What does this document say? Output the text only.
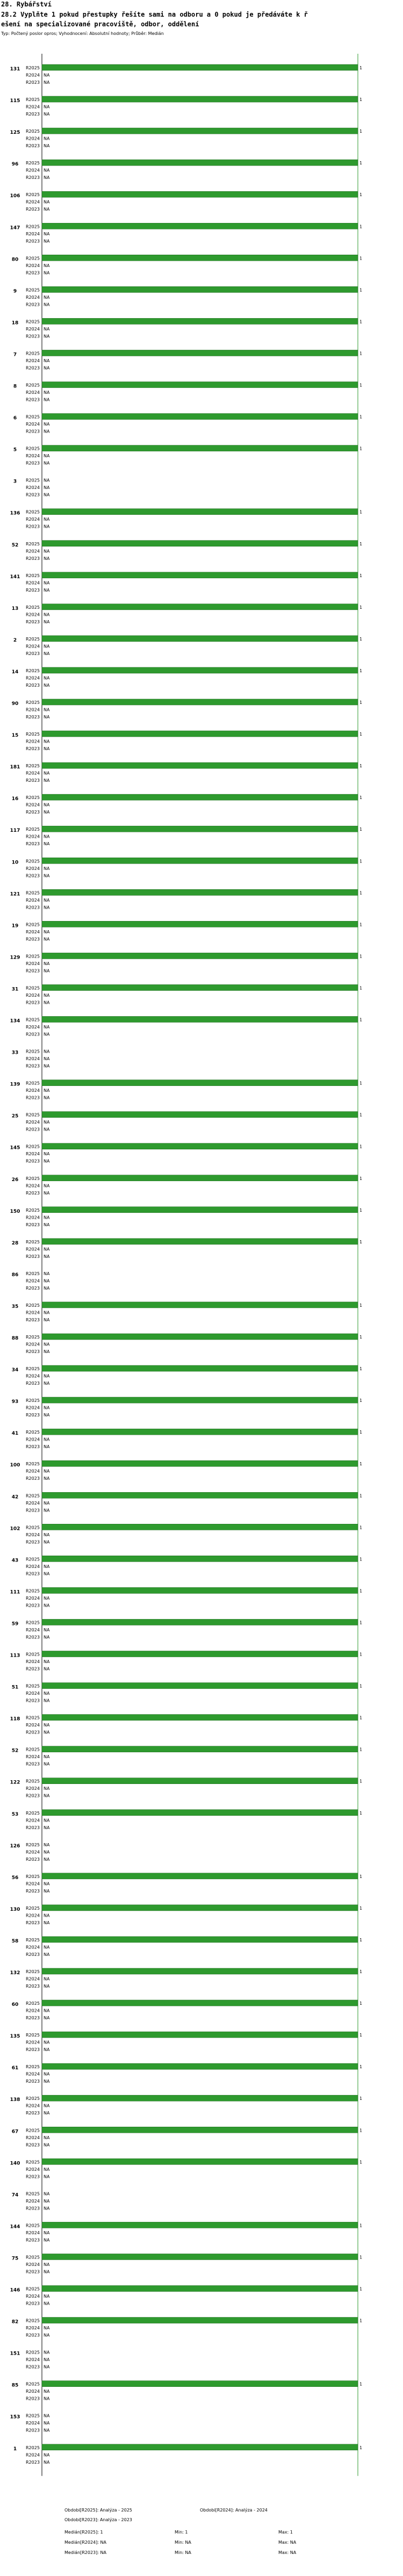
28. Rybářství
28.2 Vyplňte 1 pokud přestupky řešíte sami na odboru a 0 pokud je předáváte k ř
ešení na specializované pracoviště, odbor, oddělení
Typ: Počtený poslor opros; Vyhodnocení: Absolutní hodnoty; Průběr: Medián
131 R2025	1
R2024 NA
R2023 NA
115 R2025	1
R2024 NA
R2023 NA
125 R2025	1
R2024 NA
R2023 NA
96 R2025	1
R2024 NA
R2023 NA
106 R2025	1
R2024 NA
R2023 NA
147 R2025	1
R2024 NA
R2023 NA
80 R2025	1
R2024 NA
R2023 NA
9 R2025	1
R2024 NA
R2023 NA
18 R2025	1
R2024 NA
R2023 NA
7 R2025	1
R2024 NA
R2023 NA
8 R2025	1
R2024 NA
R2023 NA
6 R2025	1
R2024 NA
R2023 NA
5 R2025	1
R2024 NA
R2023 NA
3 R2025 NA
R2024 NA
R2023 NA
136 R2025	1
R2024 NA
R2023 NA
52 R2025	1
R2024 NA
R2023 NA
141 R2025	1
R2024 NA
R2023 NA
13 R2025	1
R2024 NA
R2023 NA
2 R2025	1
R2024 NA
R2023 NA
14 R2025	1
R2024 NA
R2023 NA
90 R2025	1
R2024 NA
R2023 NA
15 R2025	1
R2024 NA
R2023 NA
181 R2025	1
R2024 NA
R2023 NA
16 R2025	1
R2024 NA
R2023 NA
117 R2025	1
R2024 NA
R2023 NA
10 R2025	1
R2024 NA
R2023 NA
121 R2025	1
R2024 NA
R2023 NA
19 R2025	1
R2024 NA
R2023 NA
129 R2025	1
R2024 NA
R2023 NA
31 R2025	1
R2024 NA
R2023 NA
134 R2025	1
R2024 NA
R2023 NA
33 R2025 NA
R2024 NA
R2023 NA
139 R2025	1
R2024 NA
R2023 NA
25 R2025	1
R2024 NA
R2023 NA
145 R2025	1
R2024 NA
R2023 NA
26 R2025	1
R2024 NA
R2023 NA
150 R2025	1
R2024 NA
R2023 NA
28 R2025	1
R2024 NA
R2023 NA
86 R2025 NA
R2024 NA
R2023 NA
35 R2025	1
R2024 NA
R2023 NA
88 R2025	1
R2024 NA
R2023 NA
34 R2025	1
R2024 NA
R2023 NA
93 R2025	1
R2024 NA
R2023 NA
41 R2025	1
R2024 NA
R2023 NA
100 R2025	1
R2024 NA
R2023 NA
42 R2025	1
R2024 NA
R2023 NA
102 R2025	1
R2024 NA
R2023 NA
43 R2025	1
R2024 NA
R2023 NA
111 R2025	1
R2024 NA
R2023 NA
59 R2025	1
R2024 NA
R2023 NA
113 R2025	1
R2024 NA
R2023 NA
51 R2025	1
R2024 NA
R2023 NA
118 R2025	1
R2024 NA
R2023 NA
52 R2025	1
R2024 NA
R2023 NA
122 R2025	1
R2024 NA
R2023 NA
53 R2025	1
R2024 NA
R2023 NA
126 R2025 NA
R2024 NA
R2023 NA
56 R2025	1
R2024 NA
R2023 NA
130 R2025	1
R2024 NA
R2023 NA
58 R2025	1
R2024 NA
R2023 NA
132 R2025	1
R2024 NA
R2023 NA
60 R2025	1
R2024 NA
R2023 NA
135 R2025	1
R2024 NA
R2023 NA
61 R2025	1
R2024 NA
R2023 NA
138 R2025	1
R2024 NA
R2023 NA
67 R2025	1
R2024 NA
R2023 NA
140 R2025	1
R2024 NA
R2023 NA
74 R2025 NA
R2024 NA
R2023 NA
144 R2025	1
R2024 NA
R2023 NA
75 R2025	1
R2024 NA
R2023 NA
146 R2025	1
R2024 NA
R2023 NA
82 R2025	1
R2024 NA
R2023 NA
151 R2025 NA
R2024 NA
R2023 NA
85 R2025	1
R2024 NA
R2023 NA
153 R2025 NA
R2024 NA
R2023 NA
1 R2025	1
R2024 NA
R2023 NA
Obdobi[R2025]: Analýza - 2025	Obdobi[R2024]: Analýza - 2024
Obdobi[R2023]: Analýza - 2023
Medián[R2025]: 1	Min: 1	Max: 1
Medián[R2024]: NA	Min: NA	Max: NA
Medián[R2023]: NA	Min: NA	Max: NA
